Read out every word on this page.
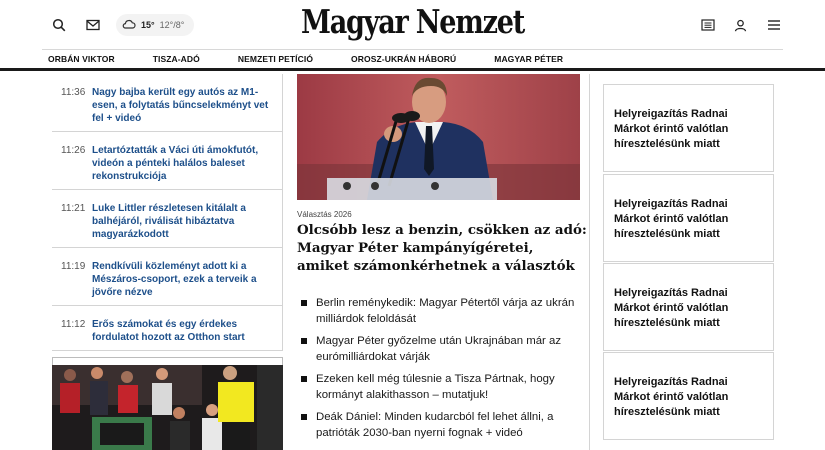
15° 12°/8°	Magyar Nemzet
ORBÁN VIKTOR	TISZA-ADÓ	NEMZETI PETÍCIÓ	OROSZ-UKRÁN HÁBORÚ	MAGYAR PÉTER
11:36 Nagy bajba került egy autós az M1-esen, a folytatás bűncselekményt vet fel + videó
11:26 Letartóztatták a Váci úti ámokfutót, videón a pénteki halálos baleset rekonstrukciója
11:21 Luke Littler részletesen kitálalt a balhéjáról, riválisát hibáztatva magyarázkodott
11:19 Rendkívüli közleményt adott ki a Mészáros-csoport, ezek a terveik a jövőre nézve
11:12 Erős számokat és egy érdekes fordulatot hozott az Otthon start
Választás 2026
Olcsóbb lesz a benzin, csökken az adó: Magyar Péter kampányígéretei, amiket számonkérhetnek a választók
Berlin reménykedik: Magyar Pétertől várja az ukrán milliárdok feloldását
Magyar Péter győzelme után Ukrajnában már az eurómilliárdokat várják
Ezeken kell még túlesnie a Tisza Pártnak, hogy kormányt alakithasson – mutatjuk!
Deák Dániel: Minden kudarcból fel lehet állni, a patrióták 2030-ban nyerni fognak + videó
Helyreigazítás Radnai Márkot érintő valótlan híresztelésünk miatt
Helyreigazítás Radnai Márkot érintő valótlan híresztelésünk miatt
Helyreigazítás Radnai Márkot érintő valótlan híresztelésünk miatt
Helyreigazítás Radnai Márkot érintő valótlan híresztelésünk miatt
